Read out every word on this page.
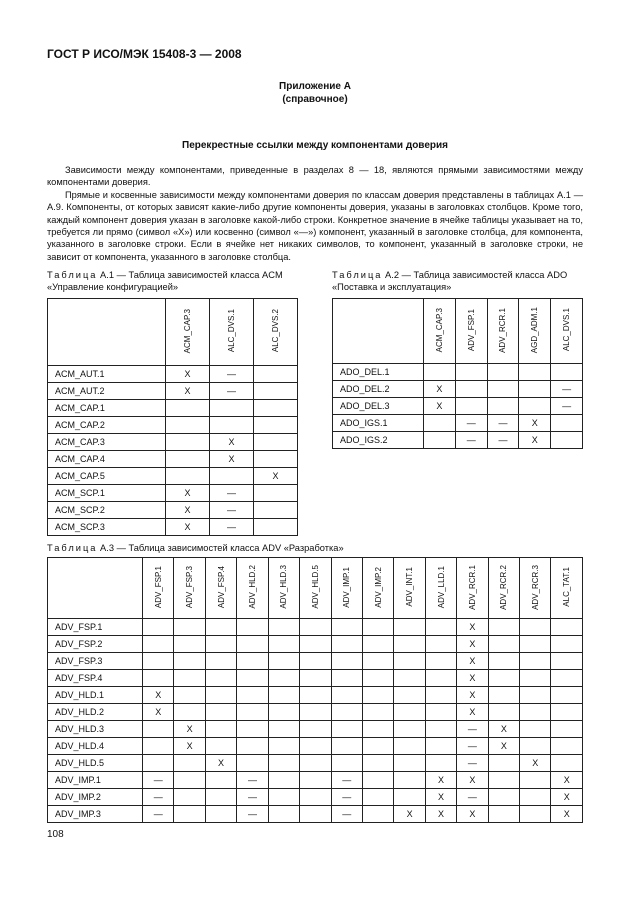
ГОСТ Р ИСО/МЭК 15408-3 — 2008
Приложение А
(справочное)
Перекрестные ссылки между компонентами доверия

Зависимости между компонентами, приведенные в разделах 8 — 18, являются прямыми зависимостями между компонентами доверия.

Прямые и косвенные зависимости между компонентами доверия по классам доверия представлены в таблицах А.1 — А.9. Компоненты, от которых зависят какие-либо другие компоненты доверия, указаны в заголовках столбцов. Кроме того, каждый компонент доверия указан в заголовке какой-либо строки. Конкретное значение в ячейке таблицы указывает на то, требуется ли прямо (символ «X») или косвенно (символ «—») компонент, указанный в заголовке столбца, для компонента, указанного в заголовке строки. Если в ячейке нет никаких символов, то компонент, указанный в заголовке строки, не зависит от компонента, указанного в заголовке столбца.

Таблица А.1 — Таблица зависимостей класса ACM
«Управление конфигурацией»
	ACM_CAP.3	ALC_DVS.1	ALC_DVS.2
ACM_AUT.1	X	—	
ACM_AUT.2	X	—	
ACM_CAP.1			
ACM_CAP.2			
ACM_CAP.3		X	
ACM_CAP.4		X	
ACM_CAP.5			X
ACM_SCP.1	X	—	
ACM_SCP.2	X	—	
ACM_SCP.3	X	—	
Таблица А.2 — Таблица зависимостей класса ADO
«Поставка и эксплуатация»
	ACM_CAP.3	ADV_FSP.1	ADV_RCR.1	AGD_ADM.1	ALC_DVS.1
ADO_DEL.1					
ADO_DEL.2	X				—
ADO_DEL.3	X				—
ADO_IGS.1		—	—	X	
ADO_IGS.2		—	—	X	
Таблица А.3 — Таблица зависимостей класса ADV «Разработка»
	ADV_FSP.1	ADV_FSP.3	ADV_FSP.4	ADV_HLD.2	ADV_HLD.3	ADV_HLD.5	ADV_IMP.1	ADV_IMP.2	ADV_INT.1	ADV_LLD.1	ADV_RCR.1	ADV_RCR.2	ADV_RCR.3	ALC_TAT.1
ADV_FSP.1											X			
ADV_FSP.2											X			
ADV_FSP.3											X			
ADV_FSP.4											X			
ADV_HLD.1	X										X			
ADV_HLD.2	X										X			
ADV_HLD.3		X									—	X		
ADV_HLD.4		X									—	X		
ADV_HLD.5			X								—		X	
ADV_IMP.1	—			—			—			X	X			X
ADV_IMP.2	—			—			—			X	—			X
ADV_IMP.3	—			—			—		X	X	X			X
108
